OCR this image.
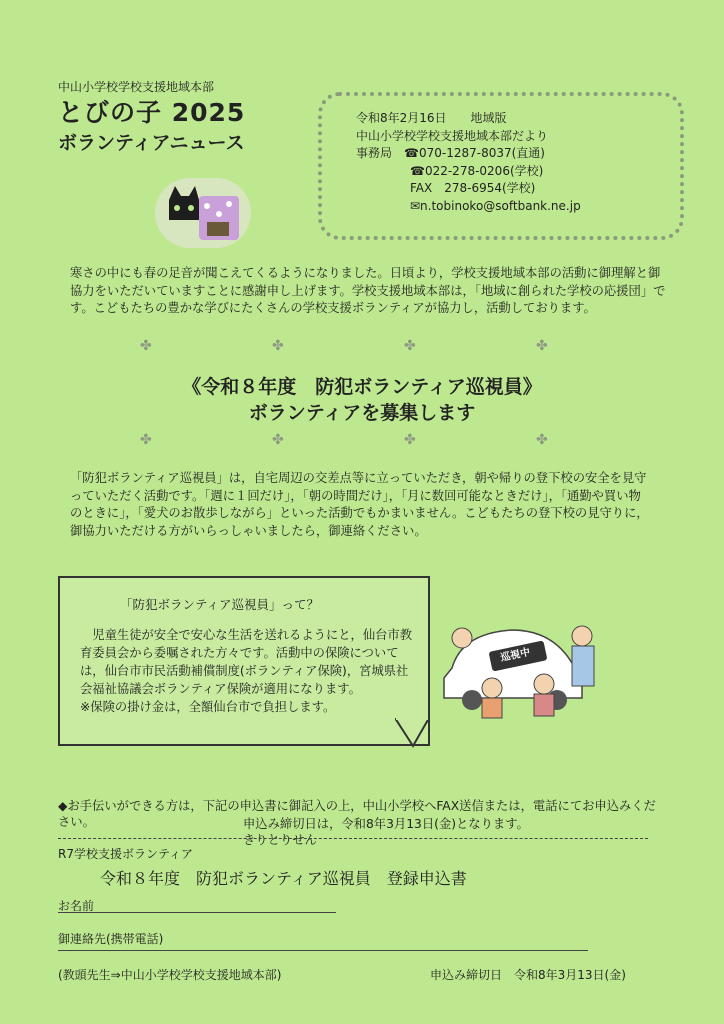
中山小学校学校支援地域本部
とびの子 2025
ボランティアニュース
令和8年2月16日　　地域版
中山小学校学校支援地域本部だより
事務局　 ☎070-1287-8037(直通)
☎022-278-0206(学校)
FAX　278-6954(学校)
✉n.tobinoko@softbank.ne.jp
寒さの中にも春の足音が聞こえてくるようになりました。日頃より，学校支援地域本部の活動に御理解と御協力をいただいていますことに感謝申し上げます。学校支援地域本部は，「地域に創られた学校の応援団」です。こどもたちの豊かな学びにたくさんの学校支援ボランティアが協力し，活動しております。
✤	✤	✤	✤
《令和８年度　防犯ボランティア巡視員》
ボランティアを募集します
✤	✤	✤	✤
「防犯ボランティア巡視員」は，自宅周辺の交差点等に立っていただき，朝や帰りの登下校の安全を見守っていただく活動です。「週に１回だけ」，「朝の時間だけ」，「月に数回可能なときだけ」，「通勤や買い物のときに」，「愛犬のお散歩しながら」といった活動でもかまいません。こどもたちの登下校の見守りに，御協力いただける方がいらっしゃいましたら，御連絡ください。
「防犯ボランティア巡視員」って？
児童生徒が安全で安心な生活を送れるようにと，仙台市教育委員会から委嘱された方々です。活動中の保険については，仙台市市民活動補償制度(ボランティア保険)，宮城県社会福祉協議会ボランティア保険が適用になります。
※保険の掛け金は，全額仙台市で負担します。
巡視中
◆お手伝いができる方は，下記の申込書に御記入の上，中山小学校へFAX送信または，電話にてお申込みください。	申込み締切日は，令和8年3月13日(金)となります。
きりとりせん
R7学校支援ボランティア
令和８年度　防犯ボランティア巡視員　登録申込書
お名前
御連絡先(携帯電話)
(教頭先生⇒中山小学校学校支援地域本部)	申込み締切日　令和8年3月13日(金)
